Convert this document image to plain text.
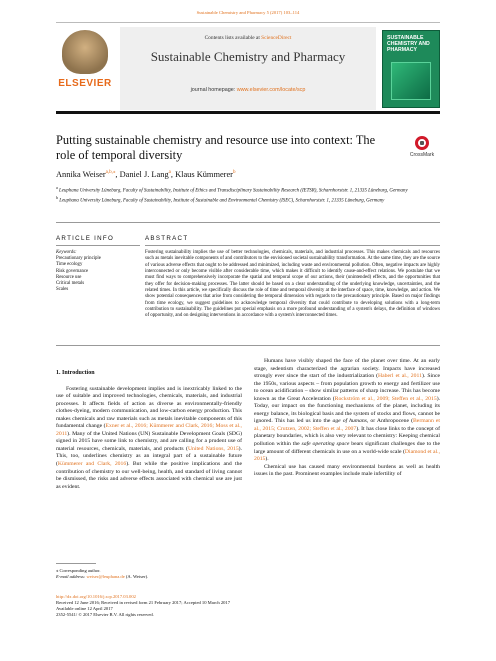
Sustainable Chemistry and Pharmacy 5 (2017) 103–114
ELSEVIER
Contents lists available at ScienceDirect
Sustainable Chemistry and Pharmacy
journal homepage: www.elsevier.com/locate/scp
SUSTAINABLE CHEMISTRY AND PHARMACY
Putting sustainable chemistry and resource use into context: The role of temporal diversity	CrossMark
Annika Weiser$^{a,b,⁎}$, Daniel J. Lang$^a$, Klaus Kümmerer$^b$
$^a$ Leuphana University Lüneburg, Faculty of Sustainability, Institute of Ethics and Transdisciplinary Sustainability Research (IETSR), Scharnhorststr. 1, 21335 Lüneburg, Germany
$^b$ Leuphana University Lüneburg, Faculty of Sustainability, Institute of Sustainable and Environmental Chemistry (ISEC), Scharnhorststr. 1, 21335 Lüneburg, Germany
ARTICLE INFO	ABSTRACT
Keywords:
Precautionary principle
Time ecology
Risk governance
Resource use
Critical metals
Scales
Fostering sustainability implies the use of better technologies, chemicals, materials, and industrial processes. This makes chemicals and resources such as metals inevitable components of and contributors to the envisioned societal sustainability transformation. At the same time, they are the source of various adverse effects that ought to be addressed and minimized, including waste and environmental pollution. Often, negative impacts are highly interconnected or only become visible after considerable time, which makes it difficult to identify cause-and-effect relations. We postulate that we must find ways to comprehensively incorporate the spatial and temporal scope of our actions, their (unintended) effects, and the opportunities that they offer for decision-making processes. The latter should be based on a clear understanding of the underlying knowledge, uncertainties, and the related times. In this article, we specifically discuss the role of time and temporal diversity at the interface of space, time, knowledge, and action. We show potential consequences that arise from considering the temporal dimension with regards to the precautionary principle. Based on major findings from time ecology, we suggest guidelines to acknowledge temporal diversity that could contribute to developing solutions with a long-term contribution to sustainability. The guidelines put special emphasis on a more profound understanding of a system's delays, the definition of windows of opportunity, and on designing interventions in accordance with a system's interconnected times.
1. Introduction

Fostering sustainable development implies and is inextricably linked to the use of suitable and improved technologies, chemicals, materials, and industrial processes. It affects fields of action as diverse as environmentally-friendly clothes-dyeing, modern communication, and low-carbon energy production. This makes chemicals and raw materials such as metals inevitable components of this fundamental change (Exner et al., 2016; Kümmerer and Clark, 2016; Moss et al., 2011). Many of the United Nations (UN) Sustainable Development Goals (SDG) signed in 2015 have some link to chemistry, and are calling for a prudent use of material resources, chemicals, materials, and products (United Nations, 2015). This, too, underlines chemistry as an integral part of a sustainable future (Kümmerer and Clark, 2016). But while the positive implications and the contribution of chemistry to our well-being, health, and standard of living cannot be dismissed, the risks and adverse effects associated with chemical use are just as evident.

Humans have visibly shaped the face of the planet over time. At an early stage, sedentism characterized the agrarian society. Impacts have increased strongly ever since the start of the industrialization (Haberl et al., 2011). Since the 1950s, various aspects – from population growth to energy and fertilizer use to ocean acidification – show similar patterns of sharp increase. This has become known as the Great Acceleration (Rockström et al., 2009; Steffen et al., 2015). Today, our impact on the functioning mechanisms of the planet, including its energy balance, its biological basis and the system of stocks and flows, cannot be ignored. This has led us into the age of humans, or Anthropocene (Bermann et al., 2015; Crutzen, 2002; Steffen et al., 2007). It has close links to the concept of planetary boundaries, which is also very relevant to chemistry: Keeping chemical pollution within the safe operating space bears significant challenges due to the large amount of different chemicals in use on a world-wide scale (Diamond et al., 2015).

Chemical use has caused many environmental burdens as well as health issues in the past. Prominent examples include male infertility of

⁎ Corresponding author.
E-mail address: weiser@leuphana.de (A. Weiser).
http://dx.doi.org/10.1016/j.scp.2017.03.002
Received 12 June 2016; Received in revised form 21 February 2017; Accepted 10 March 2017
Available online 12 April 2017
2352-5541/ © 2017 Elsevier B.V. All rights reserved.
